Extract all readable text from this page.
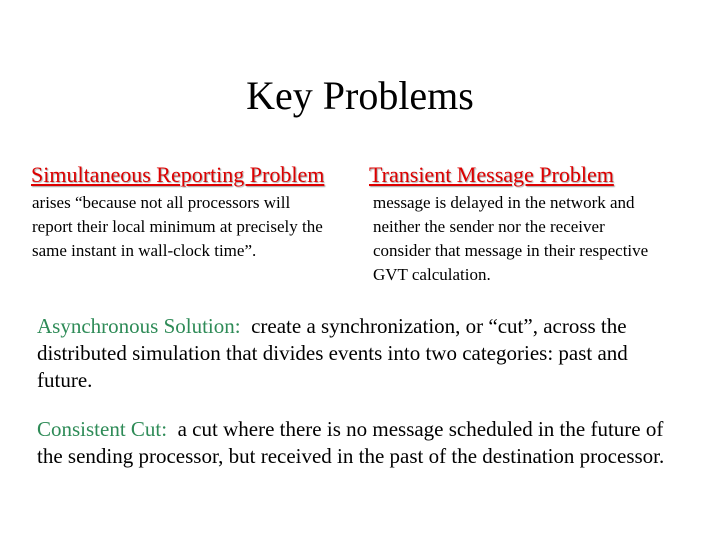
Key Problems
Simultaneous Reporting Problem
arises “because not all processors will report their local minimum at precisely the same instant in wall-clock time”.
Transient Message Problem
message is delayed in the network and neither the sender nor the receiver consider that message in their respective GVT calculation.
Asynchronous Solution: create a synchronization, or “cut”, across the distributed simulation that divides events into two categories: past and future.
Consistent Cut: a cut where there is no message scheduled in the future of the sending processor, but received in the past of the destination processor.
